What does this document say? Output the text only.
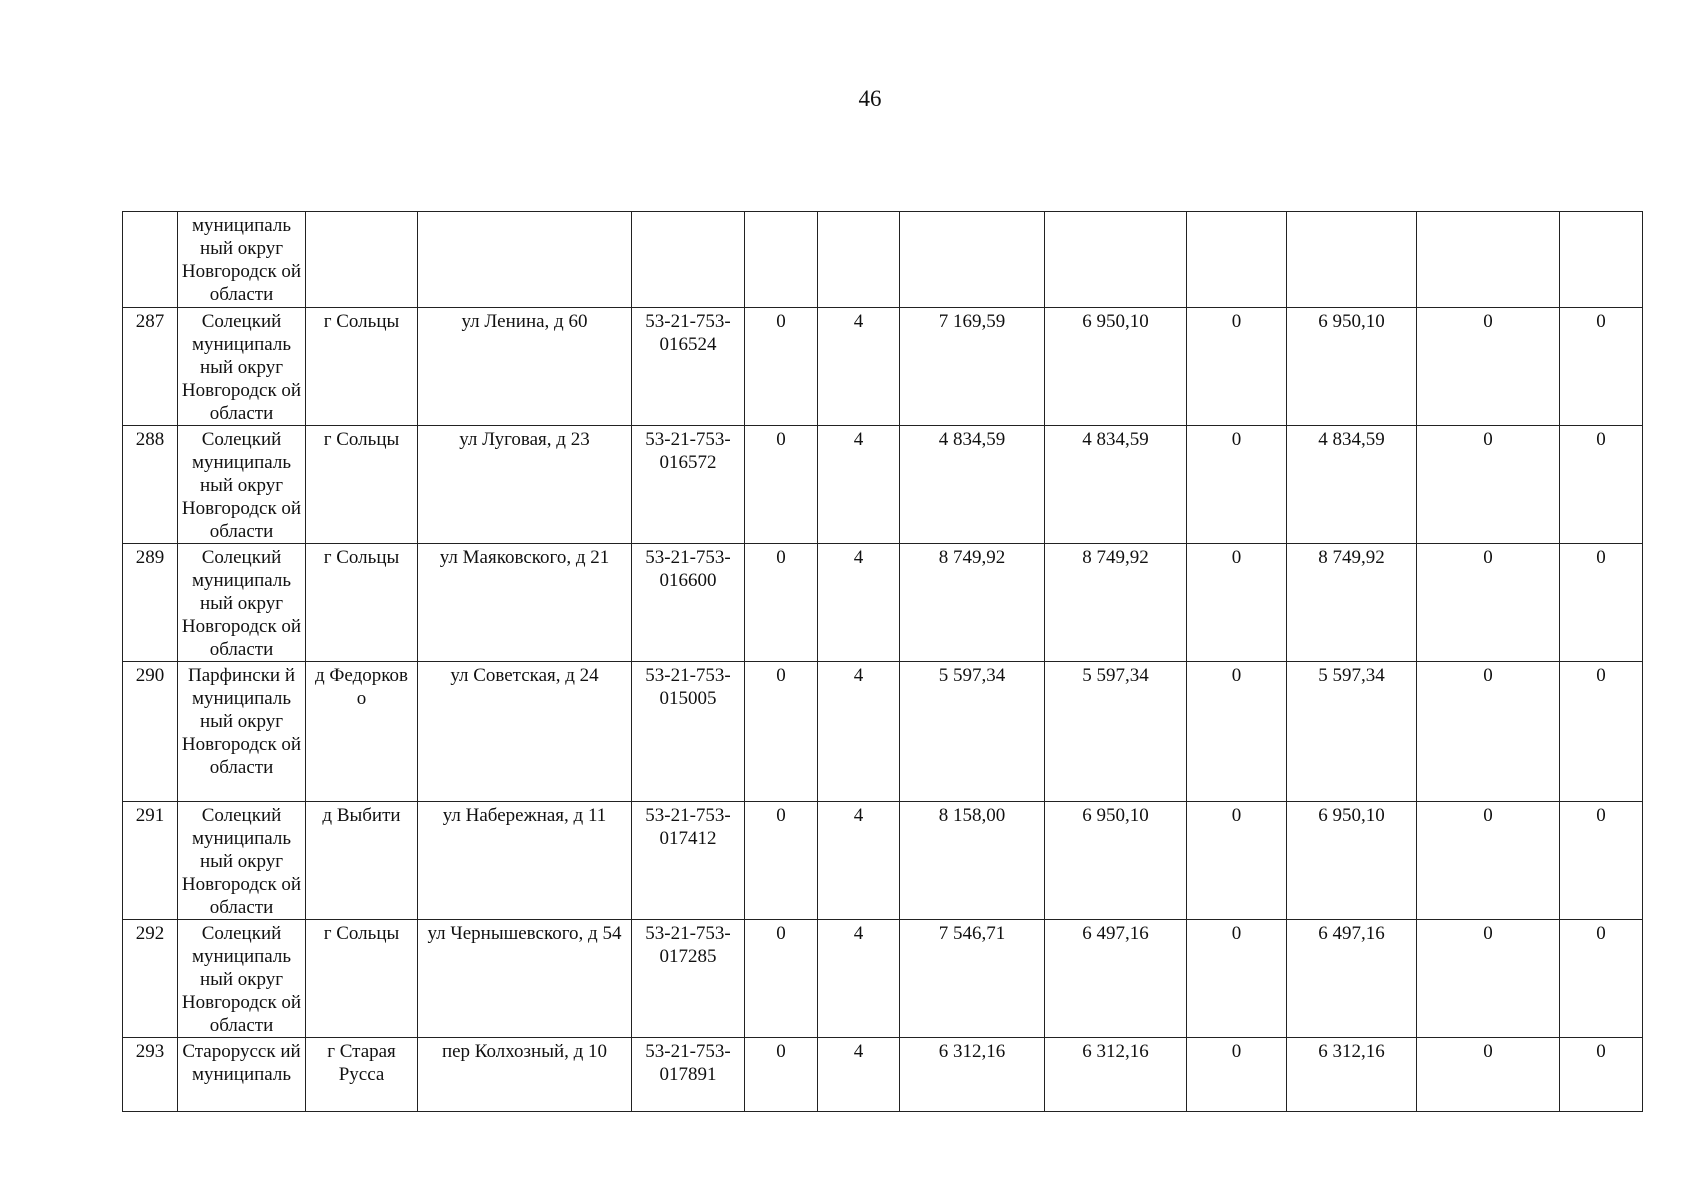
46
	муниципаль ный округ Новгородск ой области											
287	Солецкий муниципаль ный округ Новгородск ой области	г Сольцы	ул Ленина, д 60	53-21-753-016524	0	4	7 169,59	6 950,10	0	6 950,10	0	0
288	Солецкий муниципаль ный округ Новгородск ой области	г Сольцы	ул Луговая, д 23	53-21-753-016572	0	4	4 834,59	4 834,59	0	4 834,59	0	0
289	Солецкий муниципаль ный округ Новгородск ой области	г Сольцы	ул Маяковского, д 21	53-21-753-016600	0	4	8 749,92	8 749,92	0	8 749,92	0	0
290	Парфински й муниципаль ный округ Новгородск ой области	д Федорков о	ул Советская, д 24	53-21-753-015005	0	4	5 597,34	5 597,34	0	5 597,34	0	0
291	Солецкий муниципаль ный округ Новгородск ой области	д Выбити	ул Набережная, д 11	53-21-753-017412	0	4	8 158,00	6 950,10	0	6 950,10	0	0
292	Солецкий муниципаль ный округ Новгородск ой области	г Сольцы	ул Чернышевского, д 54	53-21-753-017285	0	4	7 546,71	6 497,16	0	6 497,16	0	0
293	Старорусск ий муниципаль	г Старая Русса	пер Колхозный, д 10	53-21-753-017891	0	4	6 312,16	6 312,16	0	6 312,16	0	0
